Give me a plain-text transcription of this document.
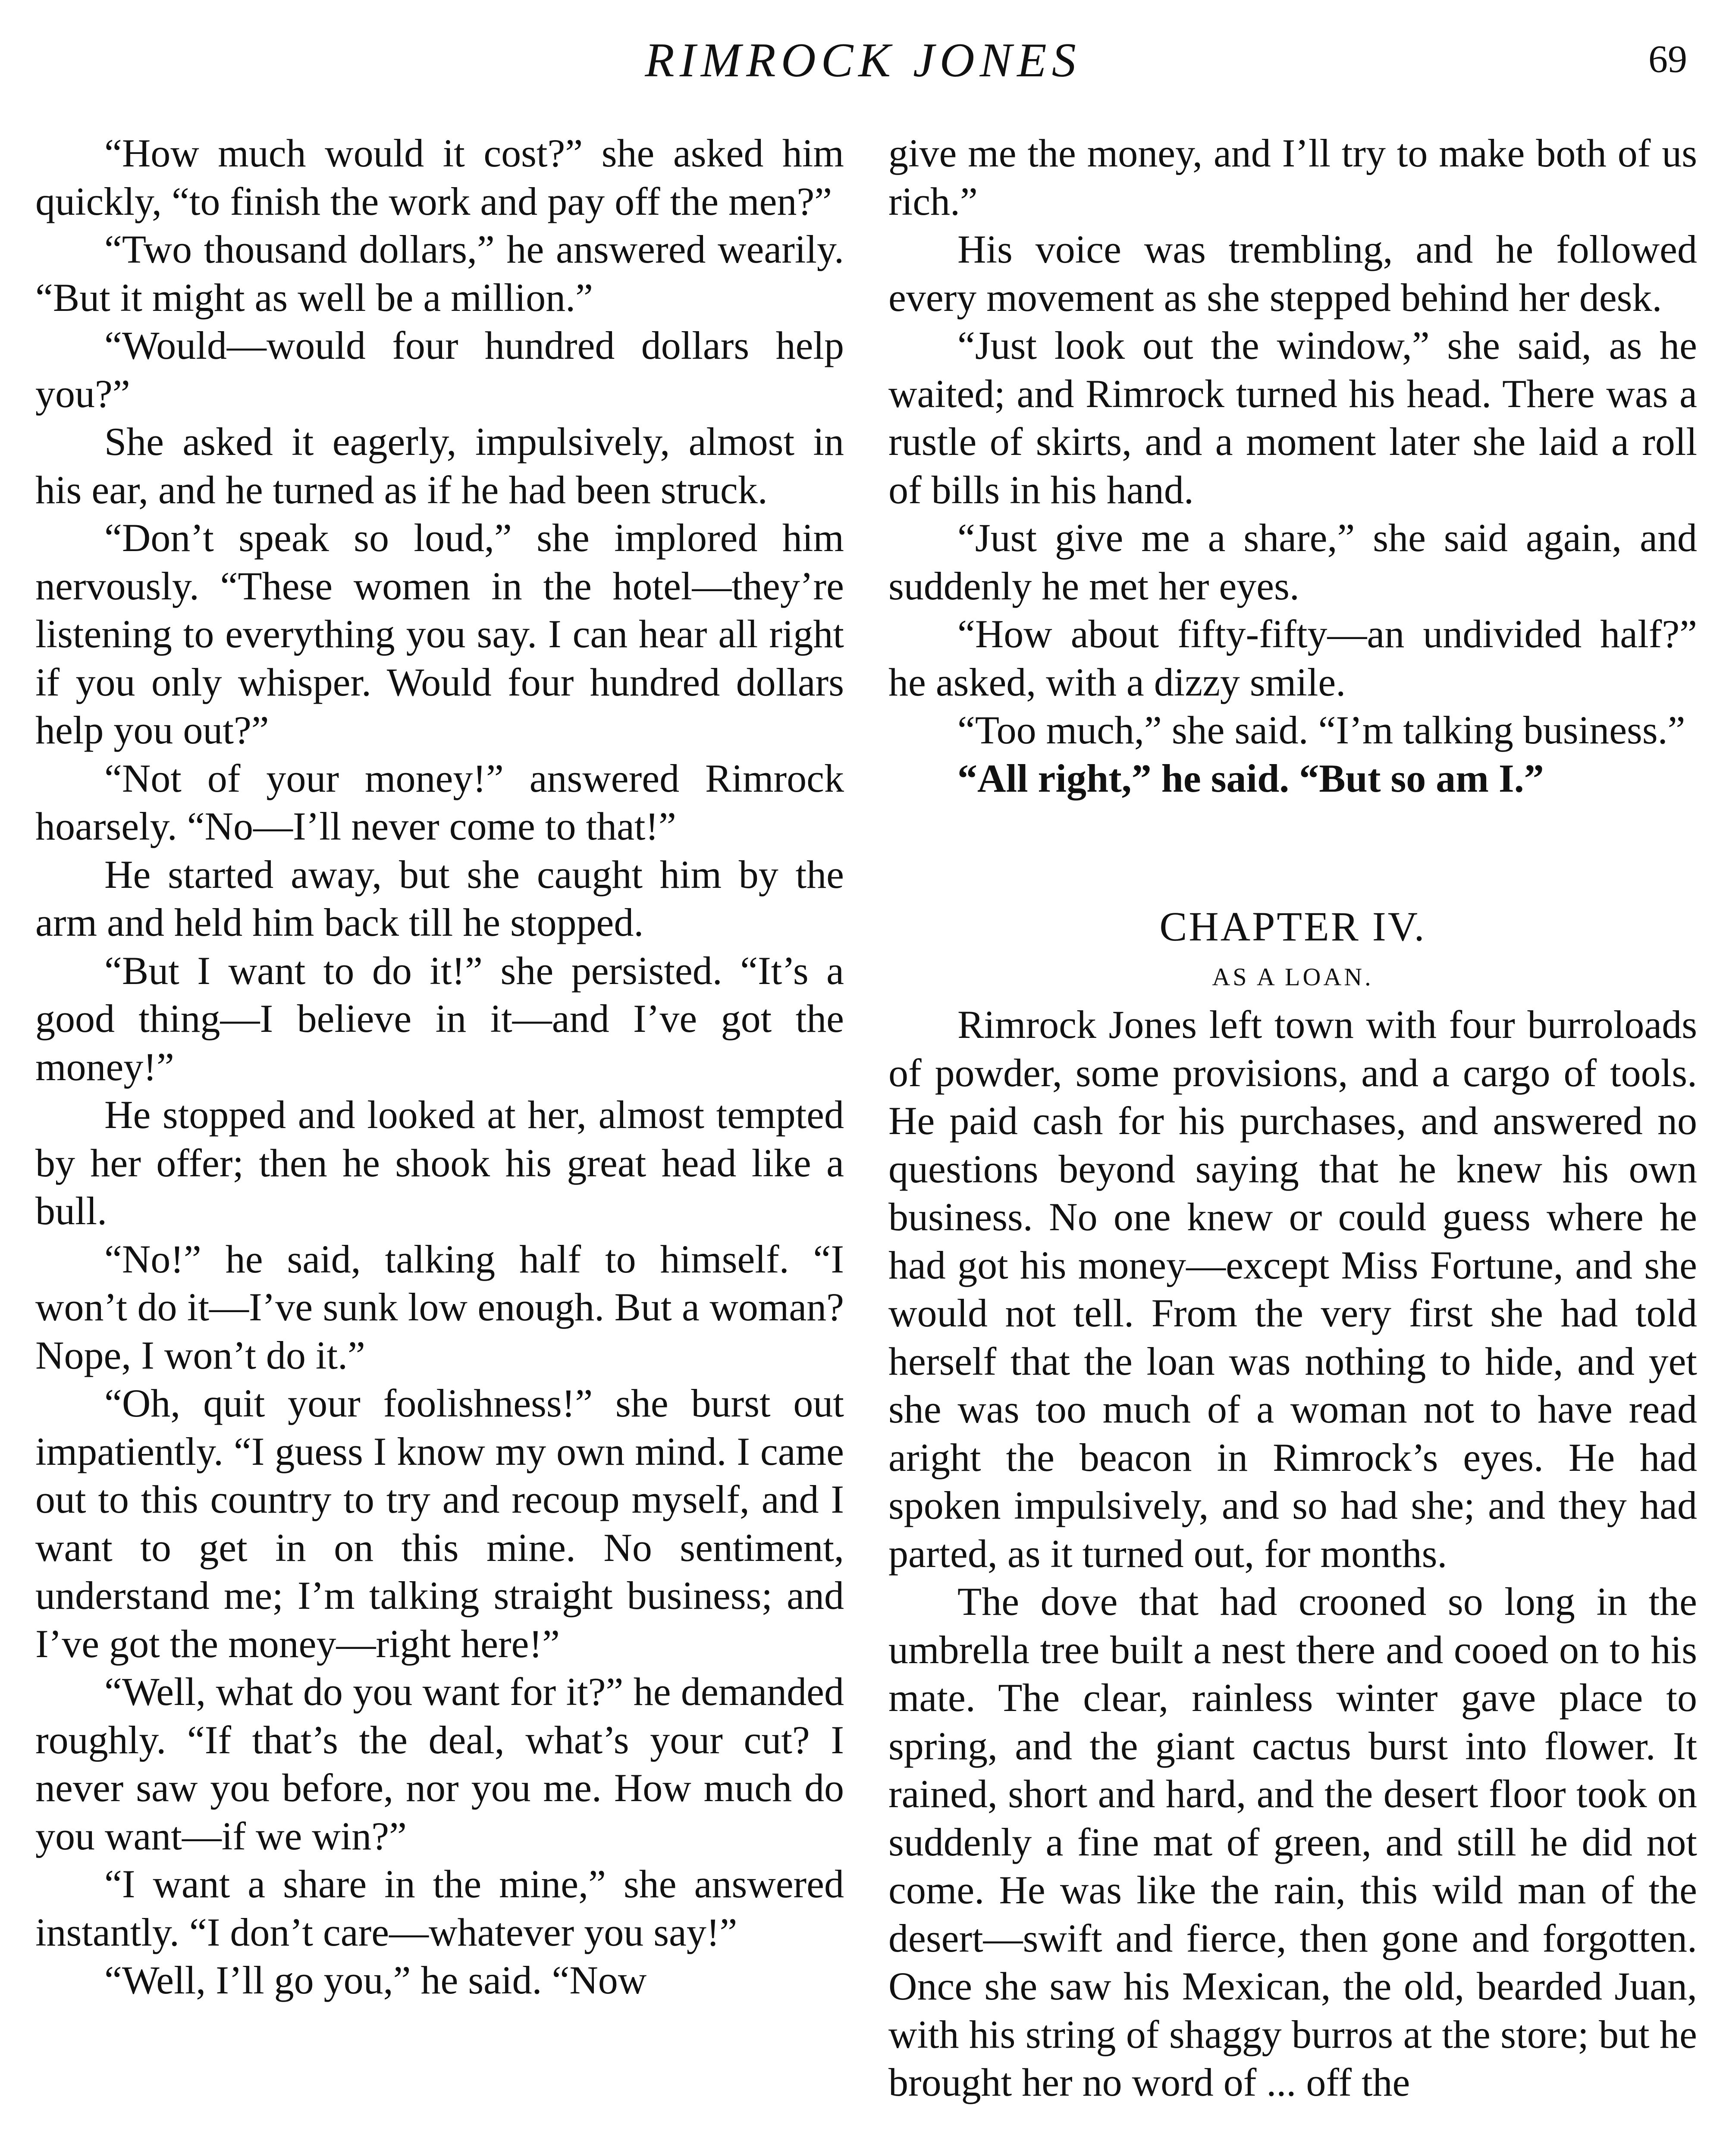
RIMROCK JONES	69

“How much would it cost?” she asked him quickly, “to finish the work and pay off the men?”

“Two thousand dollars,” he answered wearily. “But it might as well be a million.”

“Would—would four hundred dollars help you?”

She asked it eagerly, impulsively, almost in his ear, and he turned as if he had been struck.

“Don’t speak so loud,” she implored him nervously. “These women in the hotel—they’re listening to everything you say. I can hear all right if you only whisper. Would four hundred dollars help you out?”

“Not of your money!” answered Rimrock hoarsely. “No—I’ll never come to that!”

He started away, but she caught him by the arm and held him back till he stopped.

“But I want to do it!” she persisted. “It’s a good thing—I believe in it—and I’ve got the money!”

He stopped and looked at her, almost tempted by her offer; then he shook his great head like a bull.

“No!” he said, talking half to himself. “I won’t do it—I’ve sunk low enough. But a woman? Nope, I won’t do it.”

“Oh, quit your foolishness!” she burst out impatiently. “I guess I know my own mind. I came out to this country to try and recoup myself, and I want to get in on this mine. No sentiment, understand me; I’m talking straight business; and I’ve got the money—right here!”

“Well, what do you want for it?” he demanded roughly. “If that’s the deal, what’s your cut? I never saw you before, nor you me. How much do you want—if we win?”

“I want a share in the mine,” she answered instantly. “I don’t care—whatever you say!”

“Well, I’ll go you,” he said. “Now

give me the money, and I’ll try to make both of us rich.”

His voice was trembling, and he followed every movement as she stepped behind her desk.

“Just look out the window,” she said, as he waited; and Rimrock turned his head. There was a rustle of skirts, and a moment later she laid a roll of bills in his hand.

“Just give me a share,” she said again, and suddenly he met her eyes.

“How about fifty-fifty—an undivided half?” he asked, with a dizzy smile.

“Too much,” she said. “I’m talking business.”

“All right,” he said. “But so am I.”

CHAPTER IV.
AS A LOAN.

Rimrock Jones left town with four burroloads of powder, some provisions, and a cargo of tools. He paid cash for his purchases, and answered no questions beyond saying that he knew his own business. No one knew or could guess where he had got his money—except Miss Fortune, and she would not tell. From the very first she had told herself that the loan was nothing to hide, and yet she was too much of a woman not to have read aright the beacon in Rimrock’s eyes. He had spoken impulsively, and so had she; and they had parted, as it turned out, for months.

The dove that had crooned so long in the umbrella tree built a nest there and cooed on to his mate. The clear, rainless winter gave place to spring, and the giant cactus burst into flower. It rained, short and hard, and the desert floor took on suddenly a fine mat of green, and still he did not come. He was like the rain, this wild man of the desert—swift and fierce, then gone and forgotten. Once she saw his Mexican, the old, bearded Juan, with his string of shaggy burros at the store; but he brought her no word of ... off the
